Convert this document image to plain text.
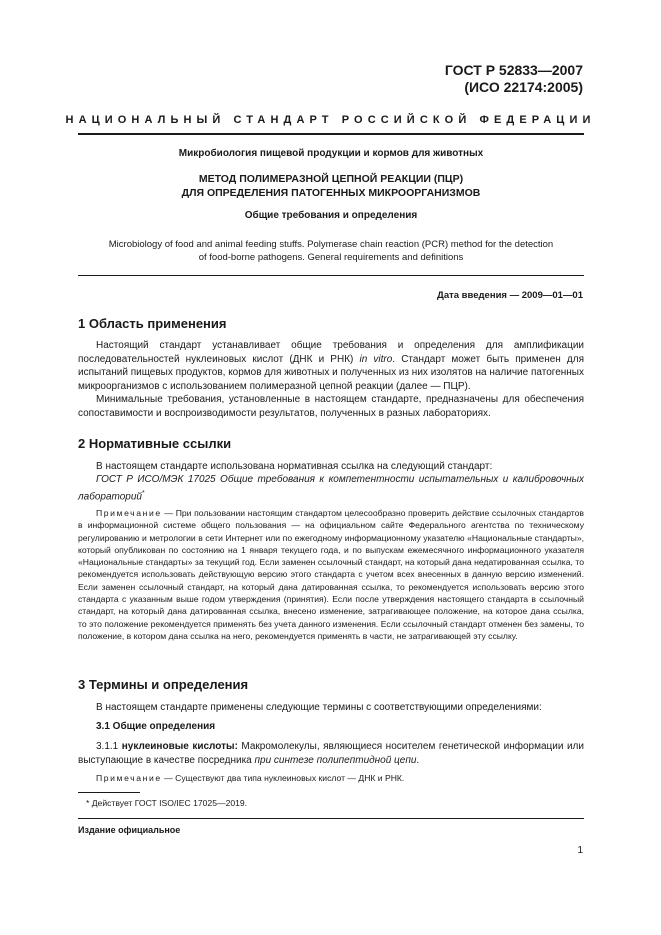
ГОСТ Р 52833—2007
(ИСО 22174:2005)
НАЦИОНАЛЬНЫЙ СТАНДАРТ РОССИЙСКОЙ ФЕДЕРАЦИИ
Микробиология пищевой продукции и кормов для животных
МЕТОД ПОЛИМЕРАЗНОЙ ЦЕПНОЙ РЕАКЦИИ (ПЦР)
ДЛЯ ОПРЕДЕЛЕНИЯ ПАТОГЕННЫХ МИКРООРГАНИЗМОВ
Общие требования и определения
Microbiology of food and animal feeding stuffs. Polymerase chain reaction (PCR) method for the detection
of food-borne pathogens. General requirements and definitions
Дата введения — 2009—01—01
1 Область применения
Настоящий стандарт устанавливает общие требования и определения для амплификации последовательностей нуклеиновых кислот (ДНК и РНК) in vitro. Стандарт может быть применен для испытаний пищевых продуктов, кормов для животных и полученных из них изолятов на наличие патогенных микроорганизмов с использованием полимеразной цепной реакции (далее — ПЦР).
Минимальные требования, установленные в настоящем стандарте, предназначены для обеспечения сопоставимости и воспроизводимости результатов, полученных в разных лабораториях.
2 Нормативные ссылки
В настоящем стандарте использована нормативная ссылка на следующий стандарт:
ГОСТ Р ИСО/МЭК 17025 Общие требования к компетентности испытательных и калибровочных лабораторий*
Примечание — При пользовании настоящим стандартом целесообразно проверить действие ссылочных стандартов в информационной системе общего пользования — на официальном сайте Федерального агентства по техническому регулированию и метрологии в сети Интернет или по ежегодному информационному указателю «Национальные стандарты», который опубликован по состоянию на 1 января текущего года, и по выпускам ежемесячного информационного указателя «Национальные стандарты» за текущий год. Если заменен ссылочный стандарт, на который дана недатированная ссылка, то рекомендуется использовать действующую версию этого стандарта с учетом всех внесенных в данную версию изменений. Если заменен ссылочный стандарт, на который дана датированная ссылка, то рекомендуется использовать версию этого стандарта с указанным выше годом утверждения (принятия). Если после утверждения настоящего стандарта в ссылочный стандарт, на который дана датированная ссылка, внесено изменение, затрагивающее положение, на которое дана ссылка, то это положение рекомендуется применять без учета данного изменения. Если ссылочный стандарт отменен без замены, то положение, в котором дана ссылка на него, рекомендуется применять в части, не затрагивающей эту ссылку.
3 Термины и определения
В настоящем стандарте применены следующие термины с соответствующими определениями:
3.1 Общие определения
3.1.1 нуклеиновые кислоты: Макромолекулы, являющиеся носителем генетической информации или выступающие в качестве посредника при синтезе полипептидной цепи.
Примечание — Существуют два типа нуклеиновых кислот — ДНК и РНК.
* Действует ГОСТ ISO/IEC 17025—2019.
Издание официальное
1
